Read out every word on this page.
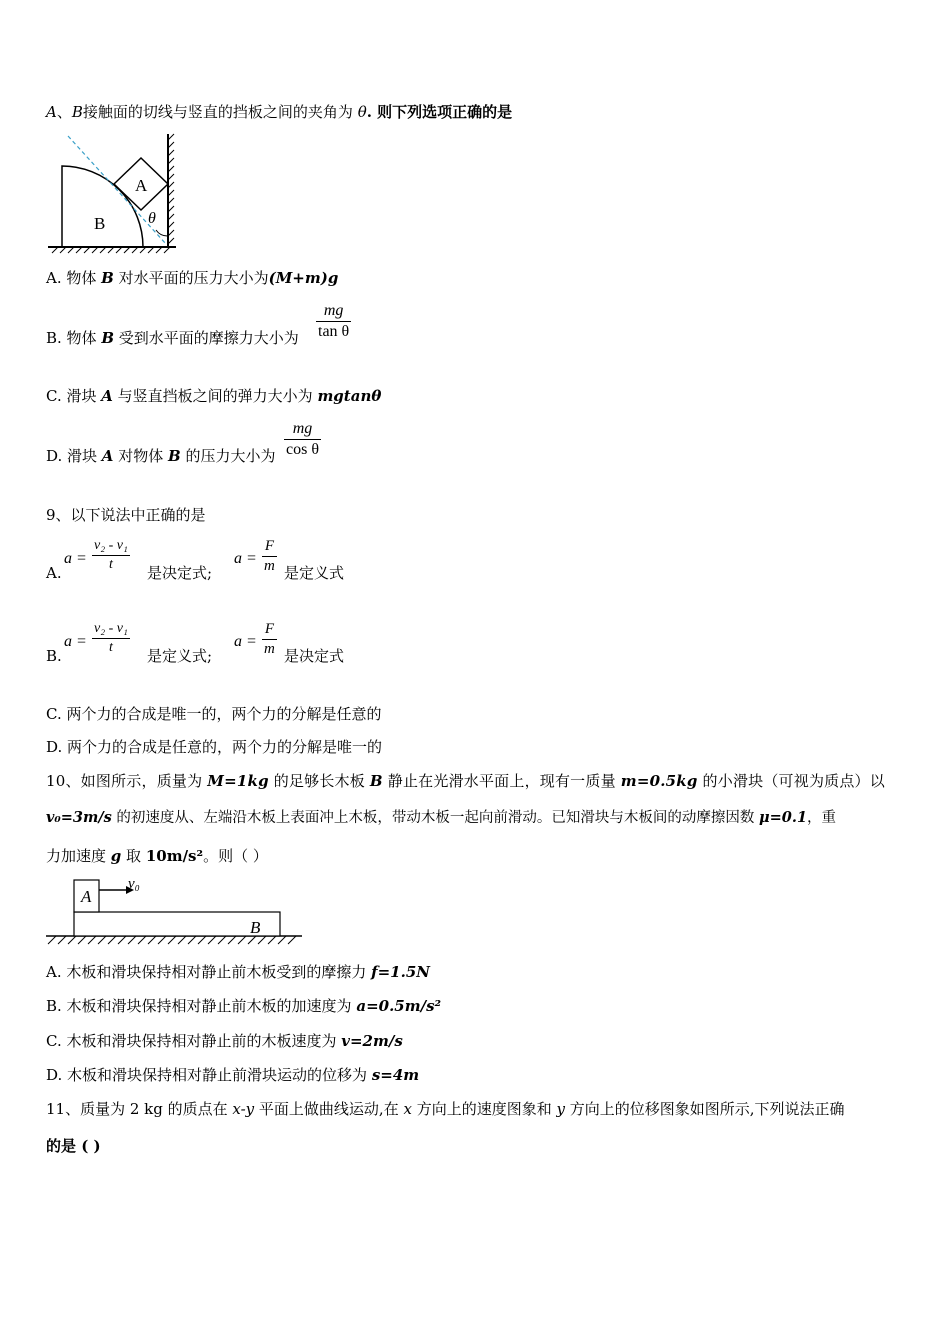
A、B接触面的切线与竖直的挡板之间的夹角为 θ. 则下列选项正确的是
A
B	θ
A. 物体 B 对水平面的压力大小为(M+m)g
B. 物体 B 受到水平面的摩擦力大小为
mg
tan θ
C. 滑块 A 与竖直挡板之间的弹力大小为 mgtanθ
D. 滑块 A 对物体 B 的压力大小为
mg
cos θ
9、以下说法中正确的是
A.
a =
v₂ - v₁
t	是决定式;
a =
F
m 是定义式
B.
a =
v₂ - v₁
t	是定义式;
a =
F
m 是决定式
C. 两个力的合成是唯一的，两个力的分解是任意的
D. 两个力的合成是任意的，两个力的分解是唯一的
10、如图所示，质量为 M=1kg 的足够长木板 B 静止在光滑水平面上，现有一质量 m=0.5kg 的小滑块（可视为质点）以
v₀=3m/s 的初速度从、左端沿木板上表面冲上木板，带动木板一起向前滑动。已知滑块与木板间的动摩擦因数 μ=0.1，重
力加速度 g 取 10m/s²。则（ ）
A
B
v₀
A. 木板和滑块保持相对静止前木板受到的摩擦力 f=1.5N
B. 木板和滑块保持相对静止前木板的加速度为 a=0.5m/s²
C. 木板和滑块保持相对静止前的木板速度为 v=2m/s
D. 木板和滑块保持相对静止前滑块运动的位移为 s=4m
11、质量为 2 kg 的质点在 x-y 平面上做曲线运动,在 x 方向上的速度图象和 y 方向上的位移图象如图所示,下列说法正确
的是 ( )
